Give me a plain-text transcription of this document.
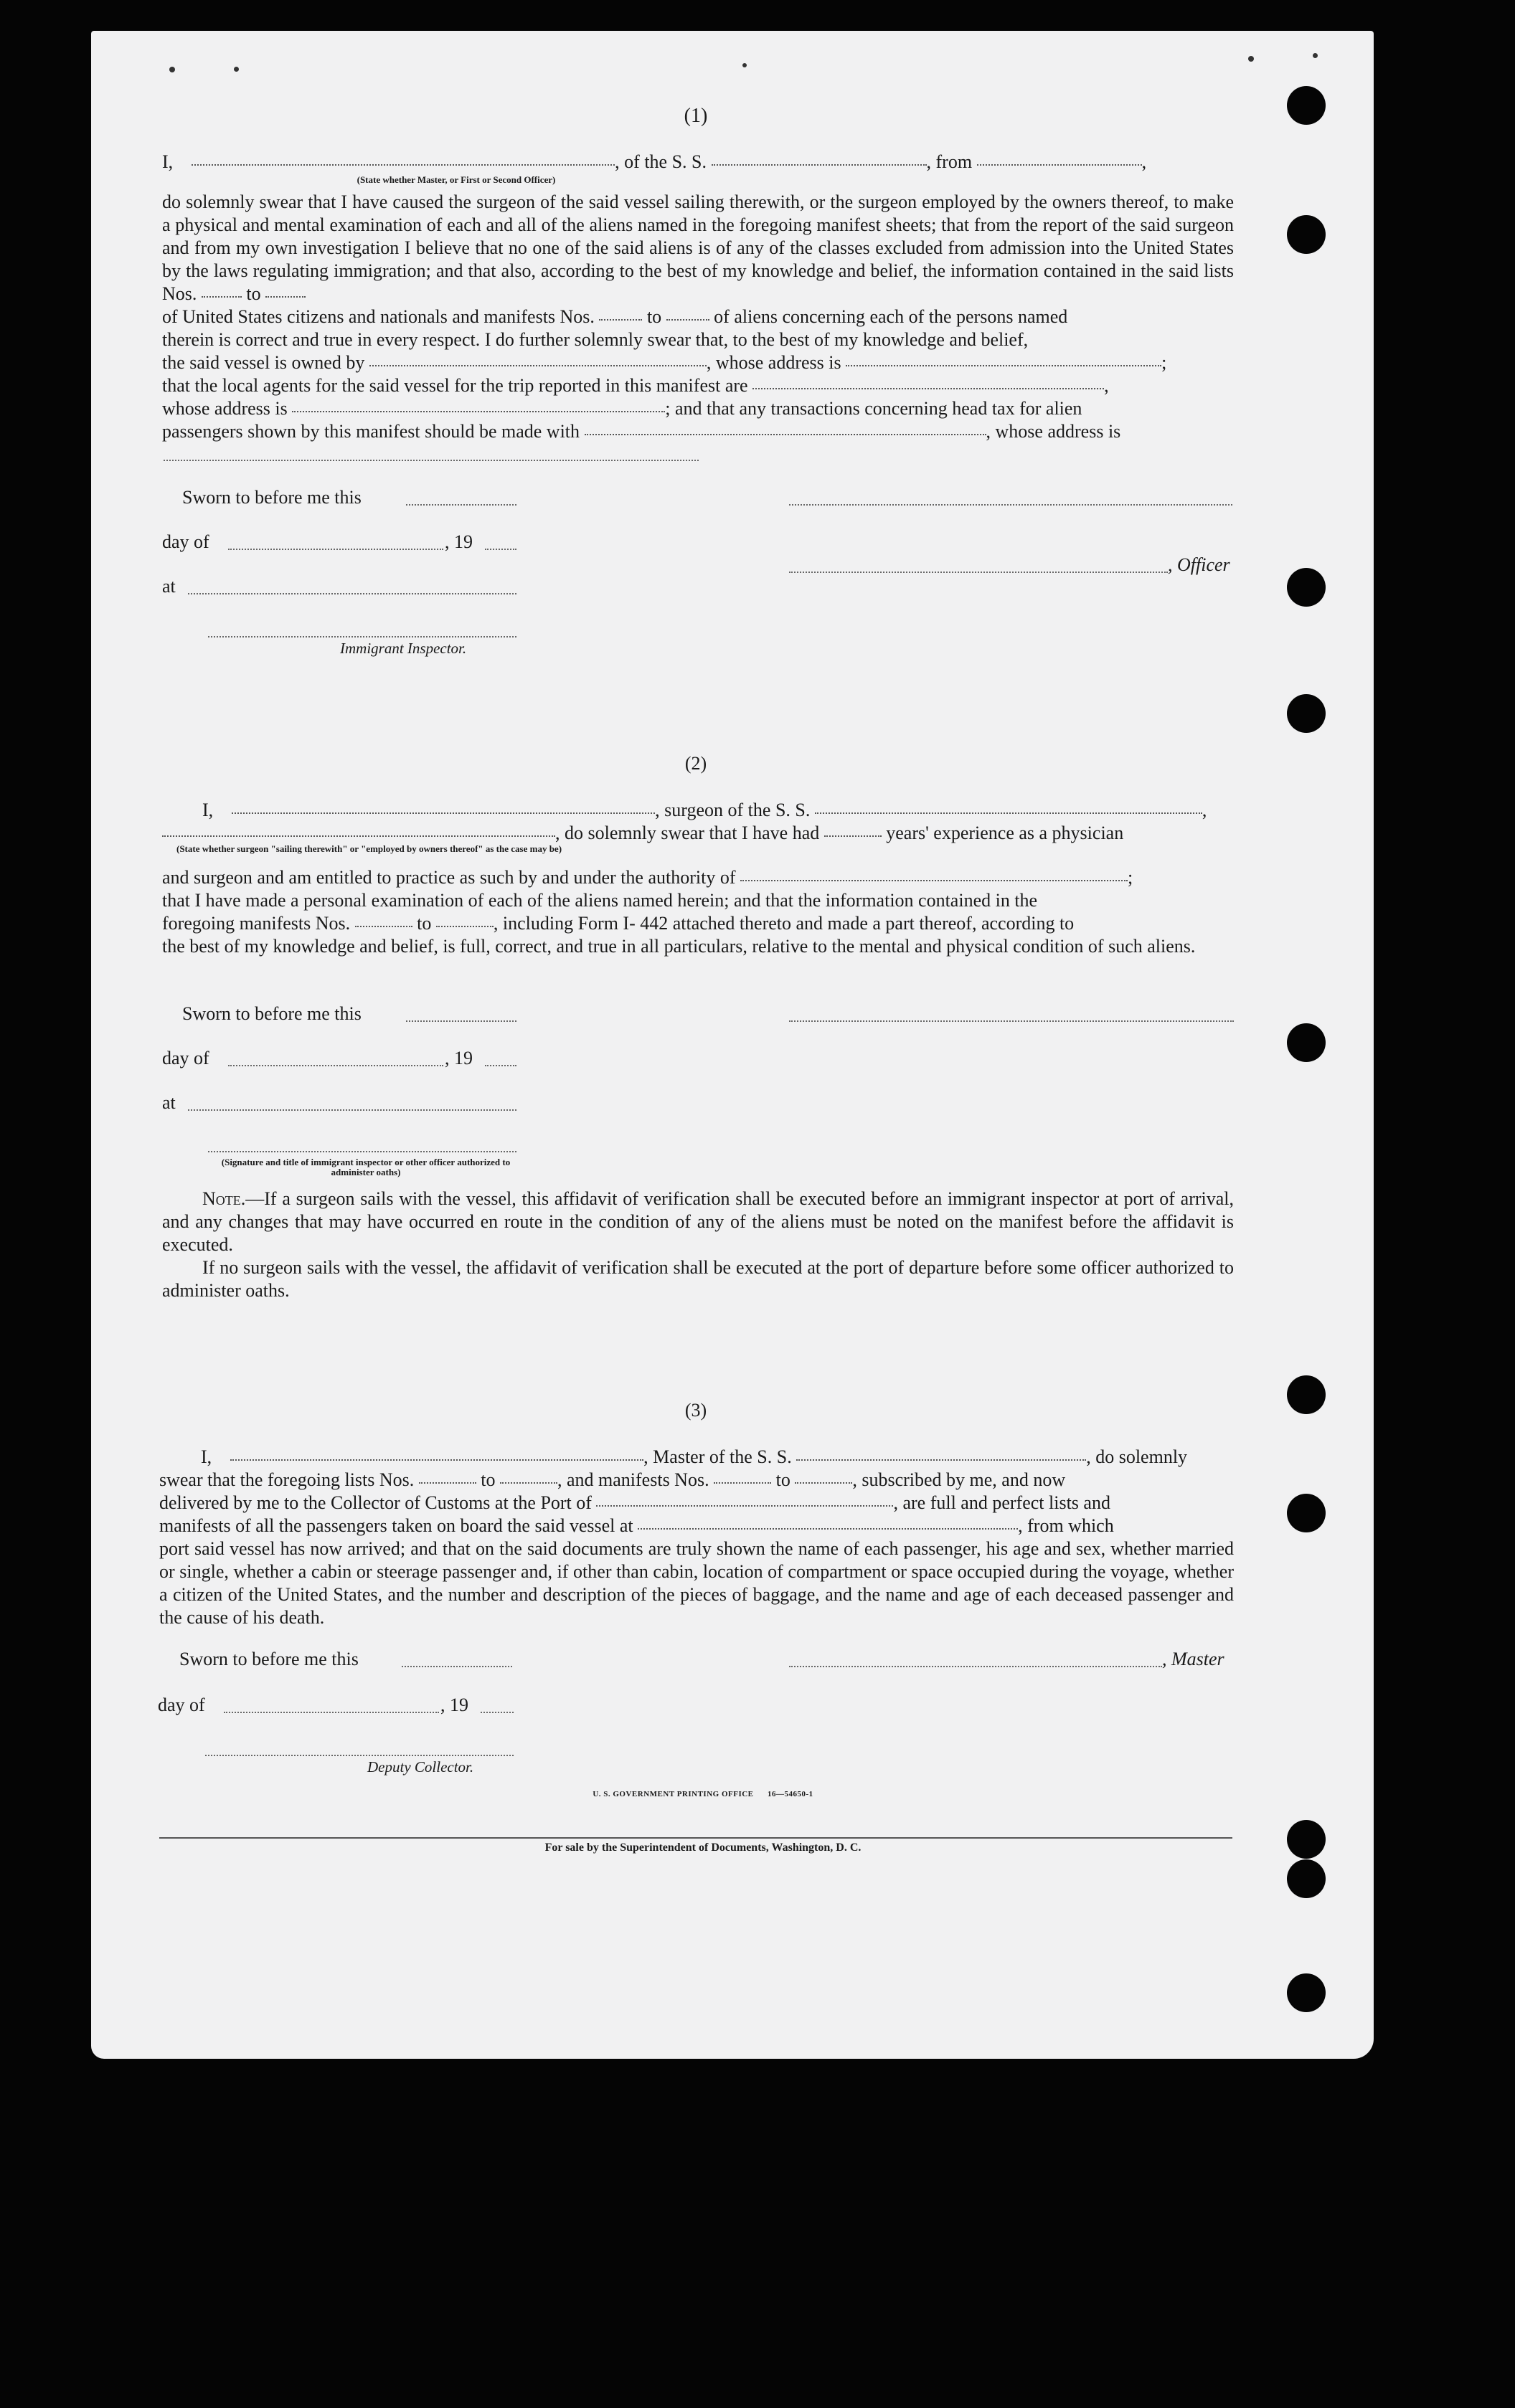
(1)
I,	, of the S. S.	, from	,
(State whether Master, or First or Second Officer)
do solemnly swear that I have caused the surgeon of the said vessel sailing therewith, or the surgeon employed by the owners thereof, to make a physical and mental examination of each and all of the aliens named in the foregoing manifest sheets; that from the report of the said surgeon and from my own investigation I believe that no one of the said aliens is of any of the classes excluded from admission into the United States by the laws regulating immigration; and that also, according to the best of my knowledge and belief, the information contained in the said lists Nos.	to
of United States citizens and nationals and manifests Nos.	to	of aliens concerning each of the persons named
therein is correct and true in every respect. I do further solemnly swear that, to the best of my knowledge and belief,
the said vessel is owned by	, whose address is	;
that the local agents for the said vessel for the trip reported in this manifest are	,
whose address is	; and that any transactions concerning head tax for alien
passengers shown by this manifest should be made with	, whose address is
Sworn to before me this
day of	, 19
, Officer
at
Immigrant Inspector.
(2)
I,	, surgeon of the S. S.	,
, do solemnly swear that I have had	years' experience as a physician
(State whether surgeon "sailing therewith" or "employed by owners thereof" as the case may be)
and surgeon and am entitled to practice as such by and under the authority of	;
that I have made a personal examination of each of the aliens named herein; and that the information contained in the
foregoing manifests Nos.	to	, including Form I- 442 attached thereto and made a part thereof, according to
the best of my knowledge and belief, is full, correct, and true in all particulars, relative to the mental and physical condition of such aliens.
Sworn to before me this
day of	, 19
at
(Signature and title of immigrant inspector or other officer authorized to administer oaths)
Note.—If a surgeon sails with the vessel, this affidavit of verification shall be executed before an immigrant inspector at port of arrival, and any changes that may have occurred en route in the condition of any of the aliens must be noted on the manifest before the affidavit is executed.
If no surgeon sails with the vessel, the affidavit of verification shall be executed at the port of departure before some officer authorized to administer oaths.
(3)
I,	, Master of the S. S.	, do solemnly
swear that the foregoing lists Nos.	to	, and manifests Nos.	to	, subscribed by me, and now
delivered by me to the Collector of Customs at the Port of	, are full and perfect lists and
manifests of all the passengers taken on board the said vessel at	, from which
port said vessel has now arrived; and that on the said documents are truly shown the name of each passenger, his age and sex, whether married or single, whether a cabin or steerage passenger and, if other than cabin, location of compartment or space occupied during the voyage, whether a citizen of the United States, and the number and description of the pieces of baggage, and the name and age of each deceased passenger and the cause of his death.
Sworn to before me this	, Master
day of	, 19
Deputy Collector.
U. S. GOVERNMENT PRINTING OFFICE      16—54650-1
For sale by the Superintendent of Documents, Washington, D. C.
